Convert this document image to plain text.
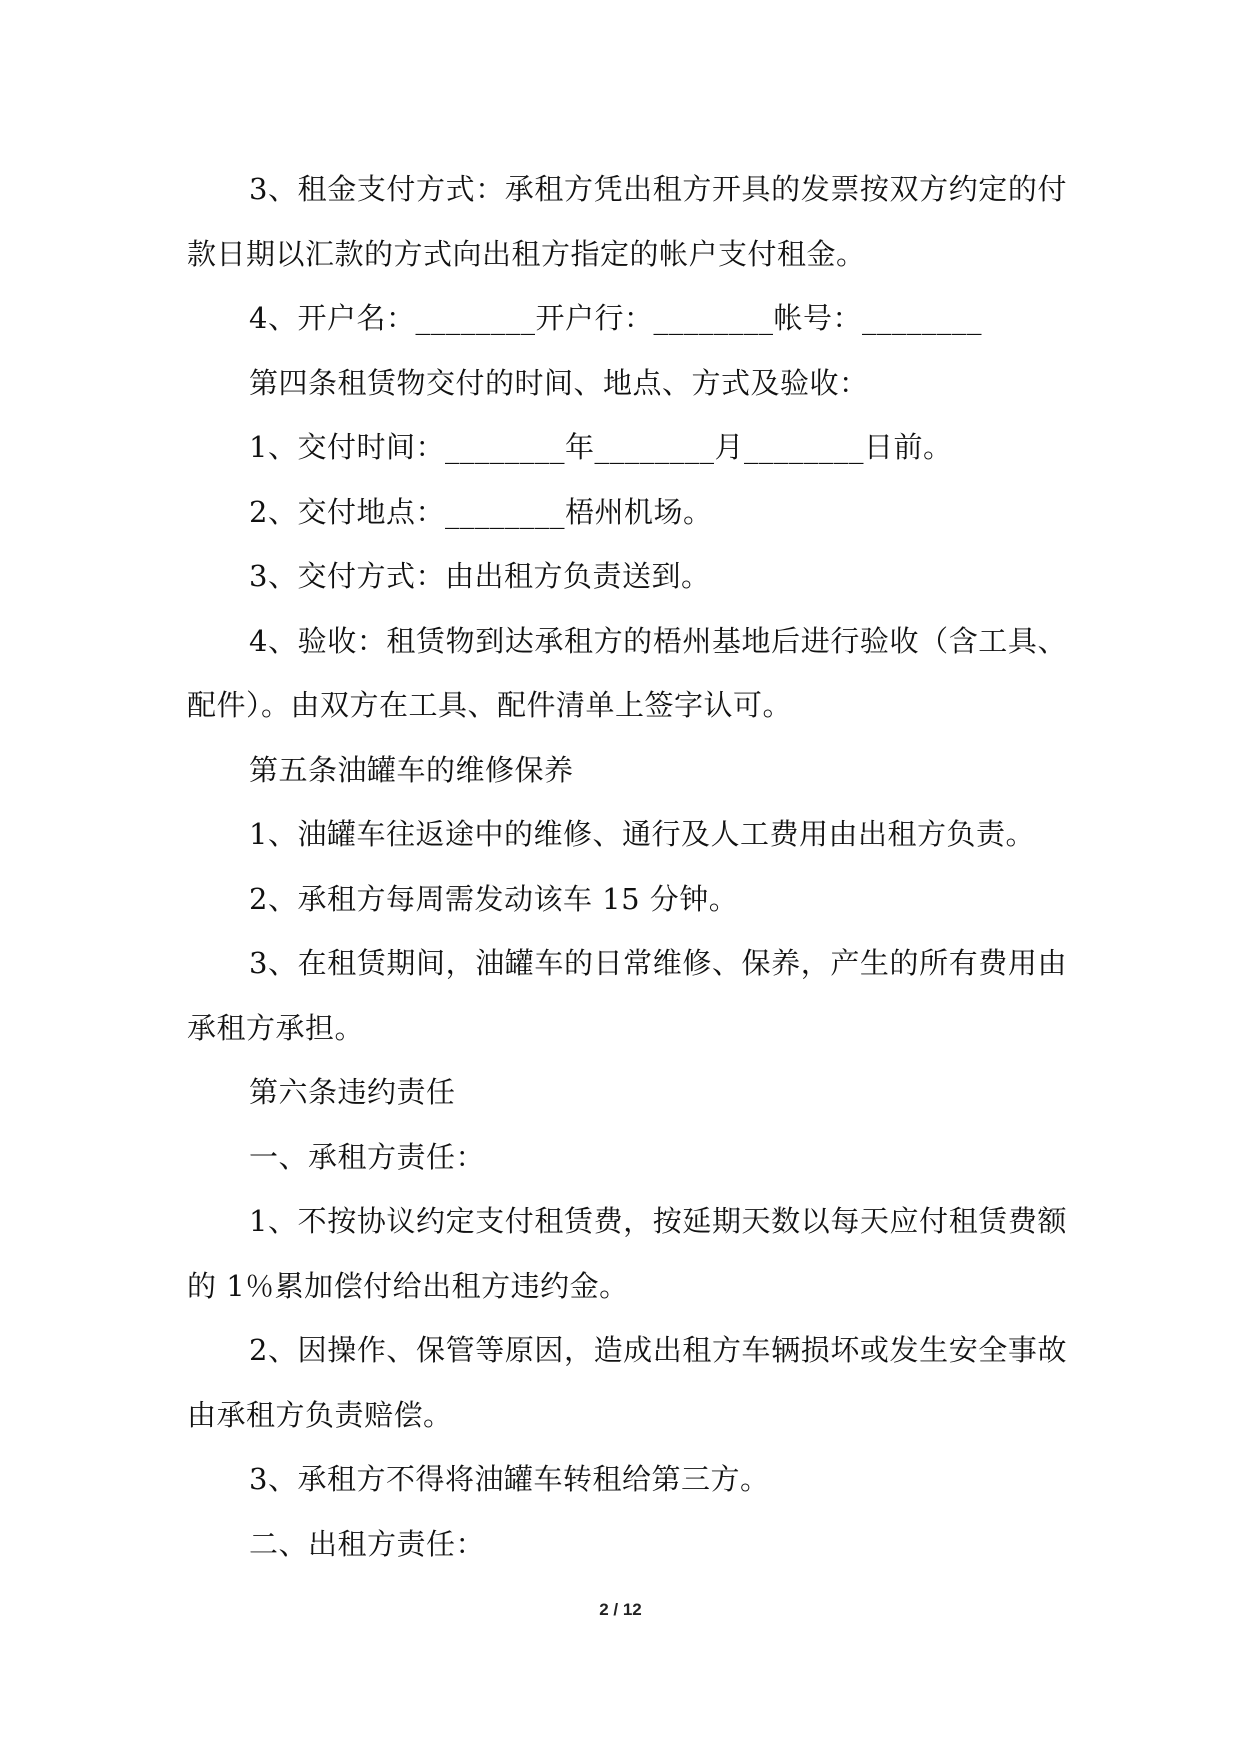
3、租金支付方式：承租方凭出租方开具的发票按双方约定的付款日期以汇款的方式向出租方指定的帐户支付租金。

4、开户名：________开户行：________帐号：________

第四条租赁物交付的时间、地点、方式及验收：

1、交付时间：________年________月________日前。

2、交付地点：________梧州机场。

3、交付方式：由出租方负责送到。

4、验收：租赁物到达承租方的梧州基地后进行验收（含工具、配件）。由双方在工具、配件清单上签字认可。

第五条油罐车的维修保养

1、油罐车往返途中的维修、通行及人工费用由出租方负责。

2、承租方每周需发动该车 15 分钟。

3、在租赁期间，油罐车的日常维修、保养，产生的所有费用由承租方承担。

第六条违约责任

一、承租方责任：

1、不按协议约定支付租赁费，按延期天数以每天应付租赁费额的 1％累加偿付给出租方违约金。

2、因操作、保管等原因，造成出租方车辆损坏或发生安全事故由承租方负责赔偿。

3、承租方不得将油罐车转租给第三方。

二、出租方责任：

2 / 12
